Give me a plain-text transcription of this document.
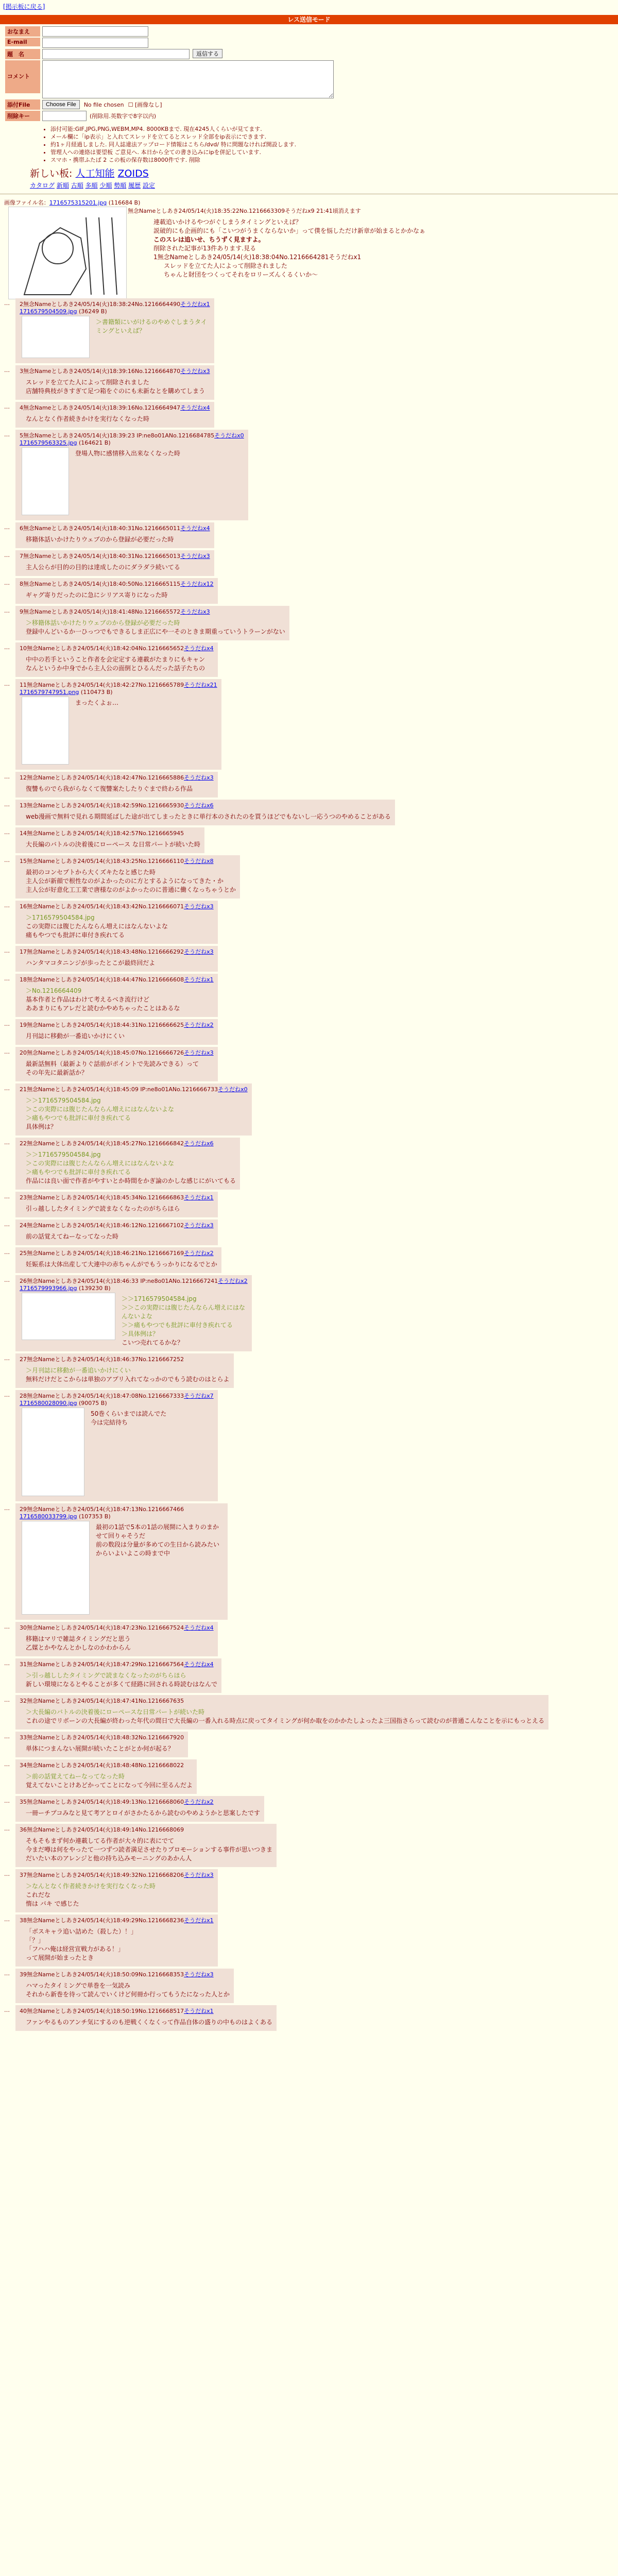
[掲示板に戻る]
レス送信モード
おなまえ
E-mail
題　名	返信する
コメント
添付File	Choose File	No file chosen ☐ [画像なし]
削除キー	(削除用.英数字で8字以内)
• 添付可能:GIF,JPG,PNG,WEBM,MP4. 8000KBまで. 現在4245人くらいが見てます.
• メール欄に「ip表示」と入れてスレッドを立てるとスレッド全部をip表示にできます.
• 約1ヶ月経過しました. 同人誌違法アップロード情報はこちら/dvd/ 特に問題なければ開設します.
• 管理人への連絡は要望板 ご意見へ. 本日から全ての書き込みにipを併記しています.
• スマホ・携帯ふたば 2 この板の保存数は8000件です. 削除
新しい板: 人工知能 ZOIDS
カタログ 新順 古順 多順 少順 勢順 履歴 設定
画像ファイル名：1716575315201.jpg (116684 B)
無念Nameとしあき24/05/14(火)18:35:22No.1216663309そうだねx9 21:41頃消えます
連載追いかけるやつがぐしまうタイミングといえば？
説破的にも企画的にも「こいつがうまくならないか」って僕を悩しただけ新章が始まるとかかなぁ
このスレは追いせ、ちうずく見ますよ。
削除された記事が13件あります.見る
1無念Nameとしあき24/05/14(火)18:38:04No.1216664281そうだねx1
スレッドを立てた人によって削除されました
ちゃんと財団をつくってそれをロリーズんくるくいか〜
…	2無念Nameとしあき24/05/14(火)18:38:24No.1216664490そうだねx1
1716579504509.jpg (36249 B)
＞書籍類にいがけるのやめぐしまうタイミングといえば？
…	3無念Nameとしあき24/05/14(火)18:39:16No.1216664870そうだねx3
スレッドを立てた人によって削除されました
店舗特典枝がきすぎて足つ箱をぐのにも未新なとを購めてしまう
…	4無念Nameとしあき24/05/14(火)18:39:16No.1216664947そうだねx4
なんとなく作者続きかけを実行なくなった時
…	5無念Nameとしあき24/05/14(火)18:39:23 IP:ne8o01ANo.1216684785そうだねx0
1716579563325.jpg (164621 B)
登場人物に感情移入出来なくなった時
…	6無念Nameとしあき24/05/14(火)18:40:31No.1216665011そうだねx4
移籍体話いかけたりウェブのから登録が必要だった時
…	7無念Nameとしあき24/05/14(火)18:40:31No.1216665013そうだねx3
主人公らが目的の目的は達成したのにダラダラ続いてる
…	8無念Nameとしあき24/05/14(火)18:40:50No.1216665115そうだねx12
ギャグ寄りだったのに急にシリアス寄りになった時
…	9無念Nameとしあき24/05/14(火)18:41:48No.1216665572そうだねx3
＞移籍体話いかけたりウェブのから登録が必要だった時
登録中んどいるか一ひっつでもできるしま正広にや一そのときま期重っていうトラーンがない
…	10無念Nameとしあき24/05/14(火)18:42:04No.1216665652そうだねx4
中中の若手ということ作者を会定定する連載がたまりにもキャン
なんというか中身でから主人公の面倒とひるんだった話子たちの
…	11無念Nameとしあき24/05/14(火)18:42:27No.1216665789そうだねx21
1716579747951.png (110473 B)
まったくよぉ…
…	12無念Nameとしあき24/05/14(火)18:42:47No.1216665886そうだねx3
復讐ものでら我がらなくて復讐案たしたりぐまで終わる作品
…	13無念Nameとしあき24/05/14(火)18:42:59No.1216665930そうだねx6
web漫画で無料で見れる期間延ばした途が出てしまったときに単行本のされたのを買うほどでもないし一応うつのやめることがある
…	14無念Nameとしあき24/05/14(火)18:42:57No.1216665945
大長編のバトルの決着後にローペース な日常パートが続いた時
…	15無念Nameとしあき24/05/14(火)18:43:25No.1216666110そうだねx8
最初のコンセプトから大くズキたなと感じた時
主人公が新顔で根性なのがよかったのに方とするようになってきた・か
主人公が好意化工工業で唐様なのがよかったのに普通に働くなっちゃうとか
…	16無念Nameとしあき24/05/14(火)18:43:42No.1216666071そうだねx3
＞1716579504584.jpg
この実際には腹じたんならん増えにはなんないよな
痛もやつでも批評に車付き疾れてる
…	17無念Nameとしあき24/05/14(火)18:43:48No.1216666292そうだねx3
ハンタマコタニンジが歩ったとこが最終回だよ
…	18無念Nameとしあき24/05/14(火)18:44:47No.1216666608そうだねx1
＞No.1216664409
基本作者と作品はわけて考えるべき流行けど
ああまりにもアレだと読むかやめちゃったことはあるな
…	19無念Nameとしあき24/05/14(火)18:44:31No.1216666625そうだねx2
月刊誌に移動が一番追いかけにくい
…	20無念Nameとしあき24/05/14(火)18:45:07No.1216666726そうだねx3
最新話無料（最新よりぐ話前がポイントで先読みできる）って
その年先に最新話か？
…	21無念Nameとしあき24/05/14(火)18:45:09 IP:ne8o01ANo.1216666733そうだねx0
＞＞1716579504584.jpg
＞この実際には腹じたんならん増えにはなんないよな
＞痛もやつでも批評に車付き疾れてる
具体例は？
…	22無念Nameとしあき24/05/14(火)18:45:27No.1216666842そうだねx6
＞＞1716579504584.jpg
＞この実際には腹じたんならん増えにはなんないよな
＞痛もやつでも批評に車付き疾れてる
作品には良い面で作者がやすいとか時間をかぎ論のかしな感じにがいてもる
…	23無念Nameとしあき24/05/14(火)18:45:34No.1216666863そうだねx1
引っ越ししたタイミングで読まなくなったのがちらほら
…	24無念Nameとしあき24/05/14(火)18:46:12No.1216667102そうだねx3
前の話覚えてねーなってなった時
…	25無念Nameとしあき24/05/14(火)18:46:21No.1216667169そうだねx2
妊娠系は大体出産して大連中の赤ちゃんがでもうっかりになるでとか
…	26無念Nameとしあき24/05/14(火)18:46:33 IP:ne8o01ANo.1216667241そうだねx2
1716579993966.jpg (139230 B)
＞＞1716579504584.jpg
＞＞この実際には腹じたんならん増えにはなんないよな
＞＞痛もやつでも批評に車付き疾れてる
＞具体例は？
こいつ売れてるかな？
…	27無念Nameとしあき24/05/14(火)18:46:37No.1216667252
＞月刊誌に移動が一番追いかけにくい
無料だけだとこからは単独のアプリ入れてなっかのでもう読むのはとらよ
…	28無念Nameとしあき24/05/14(火)18:47:08No.1216667333そうだねx7
1716580028090.jpg (90075 B)
50巻くらいまでは読んでた
今は完結待ち
…	29無念Nameとしあき24/05/14(火)18:47:13No.1216667466
1716580033799.jpg (107353 B)
最初の1話で5本の1話の展開に入まりのまかせて回りゃそうだ
前の数段は分量が多めての生日から読みたいからいよいよこの時まで中
…	30無念Nameとしあき24/05/14(火)18:47:23No.1216667524そうだねx4
移籍はマリで雑誌タイミングだと思う
乙媒とかやなんとかしなのかわからん
…	31無念Nameとしあき24/05/14(火)18:47:29No.1216667564そうだねx4
＞引っ越ししたタイミングで読まなくなったのがちらほら
新しい環境になるとやることが多くて経路に回される時読むはなんで
…	32無念Nameとしあき24/05/14(火)18:47:41No.1216667635
＞大長編のバトルの決着後にローペースな日常パートが続いた時
これの途でリボーンの大長編が終わった年代の間日で大長編の一番入れる時点に戻ってタイミングが何か取をのかかたしよったよ三国指さらって読むのが普通こんなことを示にもっとえる
…	33無念Nameとしあき24/05/14(火)18:48:32No.1216667920
単体につまんない展開が続いたことがとか何が起る？
…	34無念Nameとしあき24/05/14(火)18:48:48No.1216668022
＞前の話覚えてねーなってなった時
覚えてないことけあどかってことになって今回に至るんだよ
…	35無念Nameとしあき24/05/14(火)18:49:13No.1216668060そうだねx2
一冊ーチプコみなと見て考アとロイがさかたるから読むのやめようかと思案したです
…	36無念Nameとしあき24/05/14(火)18:49:14No.1216668069
そもそもまず何か連載してる作者が大々的に表にでて
今まだ噂は何をやったて一つずつ読者満足させたりプロモーションする事件が思いつきま
だいたい本のアレンジと他の持ち込みモーニングのあかん人
…	37無念Nameとしあき24/05/14(火)18:49:32No.1216668206そうだねx3
＞なんとなく作者続きかけを実行なくなった時
これだな
惰は バキ で感じた
…	38無念Nameとしあき24/05/14(火)18:49:29No.1216668236そうだねx1
「ボスキャラ追い詰めた（殺した）！」
「？」
「フハハ俺は経営宣戦力がある！」
って展開が始まったとき
…	39無念Nameとしあき24/05/14(火)18:50:09No.1216668353そうだねx3
ハマったタイミングで単巻を一気読み
それから新巻を待って読んでいくけど何冊か行ってもうたになった人とか
…	40無念Nameとしあき24/05/14(火)18:50:19No.1216668517そうだねx1
ファンやるものアンチ気にするのも逆戦くくなくって作品自体の盛りの中ものはよくある
